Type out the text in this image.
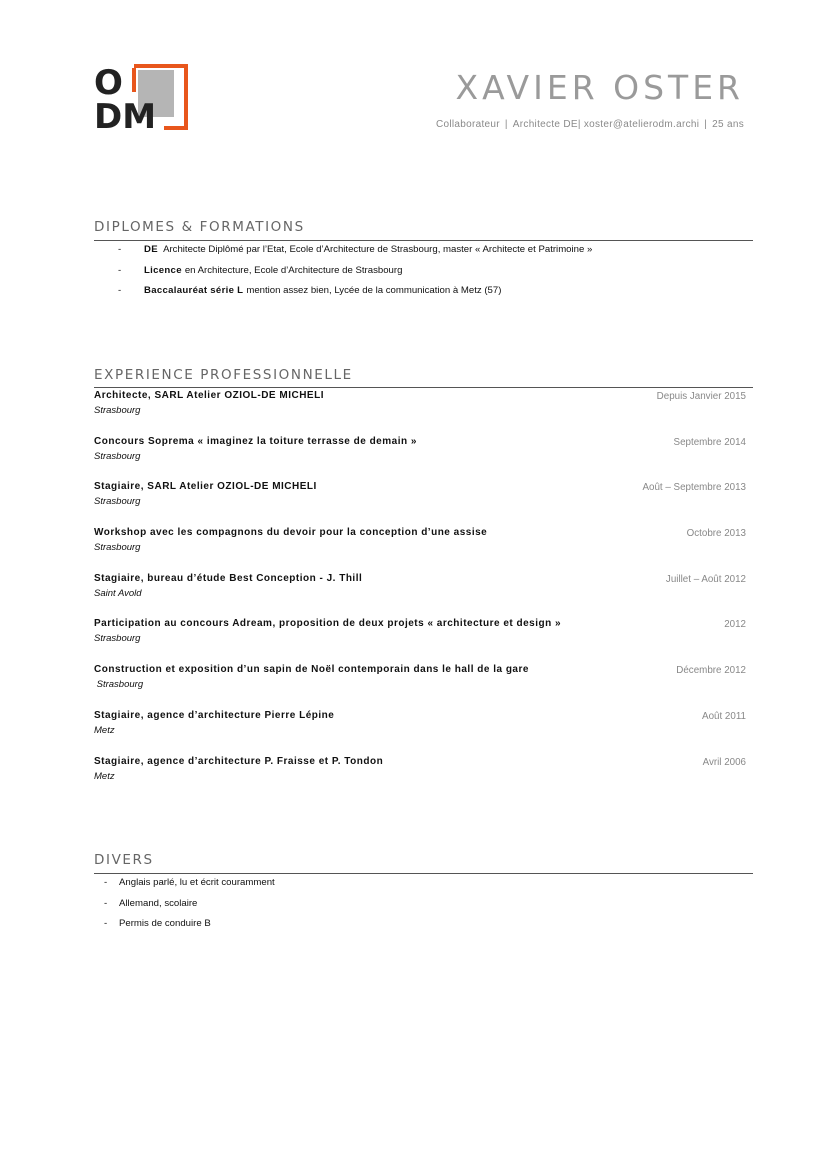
O
DM
XAVIER OSTER
Collaborateur | Architecte DE| xoster@atelierodm.archi | 25 ans
DIPLOMES & FORMATIONS
- DE Architecte Diplômé par l’Etat, Ecole d’Architecture de Strasbourg, master « Architecte et Patrimoine »
- Licence en Architecture, Ecole d’Architecture de Strasbourg
- Baccalauréat série L mention assez bien, Lycée de la communication à Metz (57)
EXPERIENCE PROFESSIONNELLE
Architecte, SARL Atelier OZIOL-DE MICHELI	Depuis Janvier 2015
Strasbourg
Concours Soprema « imaginez la toiture terrasse de demain »	Septembre 2014
Strasbourg
Stagiaire, SARL Atelier OZIOL-DE MICHELI	Août – Septembre 2013
Strasbourg
Workshop avec les compagnons du devoir pour la conception d’une assise	Octobre 2013
Strasbourg
Stagiaire, bureau d’étude Best Conception - J. Thill	Juillet – Août 2012
Saint Avold
Participation au concours Adream, proposition de deux projets « architecture et design »	2012
Strasbourg
Construction et exposition d’un sapin de Noël contemporain dans le hall de la gare	Décembre 2012
Strasbourg
Stagiaire, agence d’architecture Pierre Lépine	Août 2011
Metz
Stagiaire, agence d’architecture P. Fraisse et P. Tondon	Avril 2006
Metz
DIVERS
- Anglais parlé, lu et écrit couramment
- Allemand, scolaire
- Permis de conduire B
